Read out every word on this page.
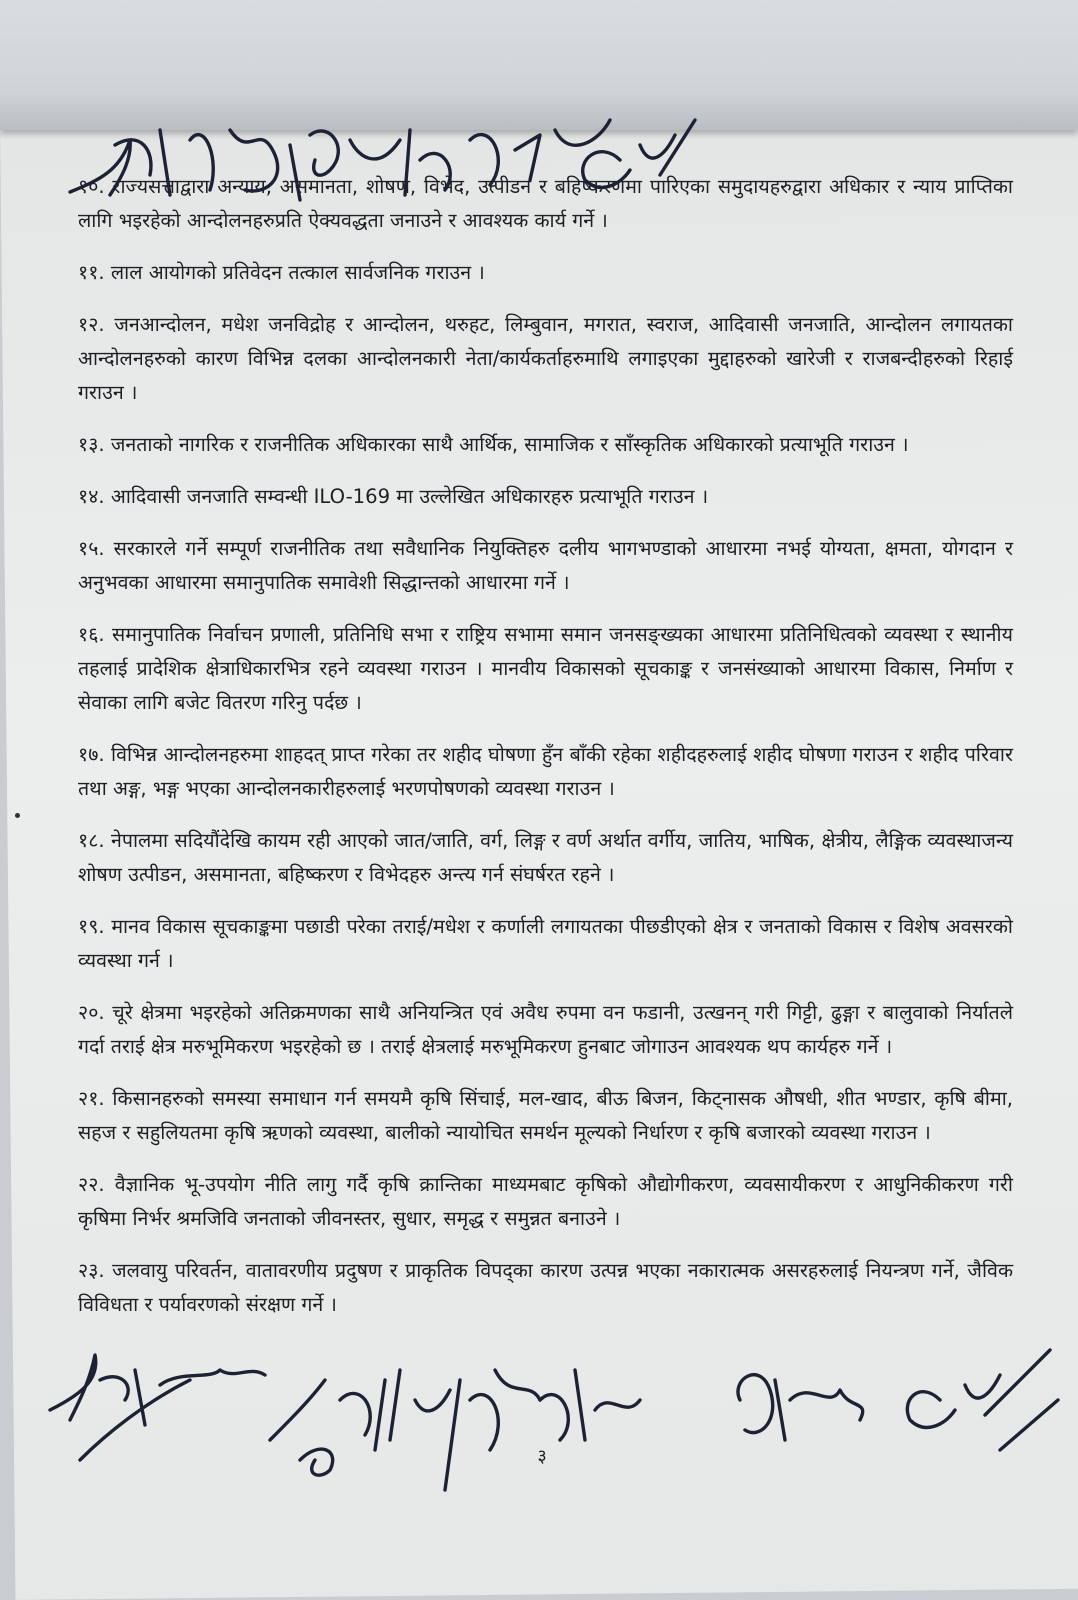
१०. राज्यसत्ताद्वारा अन्याय, असमानता, शोषण, विभेद, उत्पीडन र बहिष्करणमा पारिएका समुदायहरुद्वारा अधिकार र न्याय प्राप्तिका लागि भइरहेको आन्दोलनहरुप्रति ऐक्यवद्धता जनाउने र आवश्यक कार्य गर्ने ।

११. लाल आयोगको प्रतिवेदन तत्काल सार्वजनिक गराउन ।

१२. जनआन्दोलन, मधेश जनविद्रोह र आन्दोलन, थरुहट, लिम्बुवान, मगरात, स्वराज, आदिवासी जनजाति, आन्दोलन लगायतका आन्दोलनहरुको कारण विभिन्न दलका आन्दोलनकारी नेता/कार्यकर्ताहरुमाथि लगाइएका मुद्दाहरुको खारेजी र राजबन्दीहरुको रिहाई गराउन ।

१३. जनताको नागरिक र राजनीतिक अधिकारका साथै आर्थिक, सामाजिक र साँस्कृतिक अधिकारको प्रत्याभूति गराउन ।

१४. आदिवासी जनजाति सम्वन्धी ILO-169 मा उल्लेखित अधिकारहरु प्रत्याभूति गराउन ।

१५. सरकारले गर्ने सम्पूर्ण राजनीतिक तथा सवैधानिक नियुक्तिहरु दलीय भागभण्डाको आधारमा नभई योग्यता, क्षमता, योगदान र अनुभवका आधारमा समानुपातिक समावेशी सिद्धान्तको आधारमा गर्ने ।

१६. समानुपातिक निर्वाचन प्रणाली, प्रतिनिधि सभा र राष्ट्रिय सभामा समान जनसङ्ख्यका आधारमा प्रतिनिधित्वको व्यवस्था र स्थानीय तहलाई प्रादेशिक क्षेत्राधिकारभित्र रहने व्यवस्था गराउन । मानवीय विकासको सूचकाङ्क र जनसंख्याको आधारमा विकास, निर्माण र सेवाका लागि बजेट वितरण गरिनु पर्दछ ।

१७. विभिन्न आन्दोलनहरुमा शाहदत् प्राप्त गरेका तर शहीद घोषणा हुँन बाँकी रहेका शहीदहरुलाई शहीद घोषणा गराउन र शहीद परिवार तथा अङ्ग, भङ्ग भएका आन्दोलनकारीहरुलाई भरणपोषणको व्यवस्था गराउन ।

१८. नेपालमा सदियौंदेखि कायम रही आएको जात/जाति, वर्ग, लिङ्ग र वर्ण अर्थात वर्गीय, जातिय, भाषिक, क्षेत्रीय, लैङ्गिक व्यवस्थाजन्य शोषण उत्पीडन, असमानता, बहिष्करण र विभेदहरु अन्त्य गर्न संघर्षरत रहने ।

१९. मानव विकास सूचकाङ्कमा पछाडी परेका तराई/मधेश र कर्णाली लगायतका पीछडीएको क्षेत्र र जनताको विकास र विशेष अवसरको व्यवस्था गर्न ।

२०. चूरे क्षेत्रमा भइरहेको अतिक्रमणका साथै अनियन्त्रित एवं अवैध रुपमा वन फडानी, उत्खनन् गरी गिट्टी, ढुङ्गा र बालुवाको निर्यातले गर्दा तराई क्षेत्र मरुभूमिकरण भइरहेको छ । तराई क्षेत्रलाई मरुभूमिकरण हुनबाट जोगाउन आवश्यक थप कार्यहरु गर्ने ।

२१. किसानहरुको समस्या समाधान गर्न समयमै कृषि सिंचाई, मल-खाद, बीऊ बिजन, किट्नासक औषधी, शीत भण्डार, कृषि बीमा, सहज र सहुलियतमा कृषि ऋणको व्यवस्था, बालीको न्यायोचित समर्थन मूल्यको निर्धारण र कृषि बजारको व्यवस्था गराउन ।

२२. वैज्ञानिक भू-उपयोग नीति लागु गर्दै कृषि क्रान्तिका माध्यमबाट कृषिको औद्योगीकरण, व्यवसायीकरण र आधुनिकीकरण गरी कृषिमा निर्भर श्रमजिवि जनताको जीवनस्तर, सुधार, समृद्ध र समुन्नत बनाउने ।

२३. जलवायु परिवर्तन, वातावरणीय प्रदुषण र प्राकृतिक विपद्का कारण उत्पन्न भएका नकारात्मक असरहरुलाई नियन्त्रण गर्ने, जैविक विविधता र पर्यावरणको संरक्षण गर्ने ।

३
